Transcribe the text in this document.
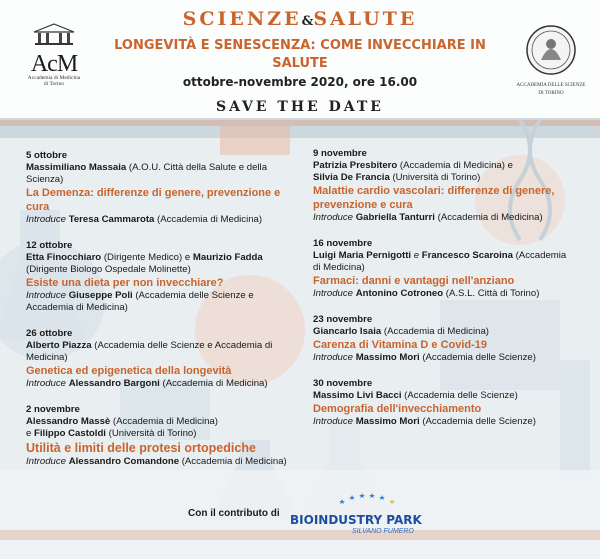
AcM
Accademia di Medicina
di Torino	ACCADEMIA DELLE SCIENZE
DI TORINO
SCIENZE&SALUTE
LONGEVITÀ E SENESCENZA: COME INVECCHIARE IN SALUTE
ottobre-novembre 2020, ore 16.00
SAVE THE DATE
5 ottobre
Massimiliano Massaia (A.O.U. Città della Salute e della Scienza)
La Demenza: differenze di genere, prevenzione e cura
Introduce Teresa Cammarota (Accademia di Medicina)
12 ottobre
Etta Finocchiaro (Dirigente Medico) e Maurizio Fadda (Dirigente Biologo Ospedale Molinette)
Esiste una dieta per non invecchiare?
Introduce Giuseppe Poli (Accademia delle Scienze e Accademia di Medicina)
26 ottobre
Alberto Piazza (Accademia delle Scienze e Accademia di Medicina)
Genetica ed epigenetica della longevità
Introduce Alessandro Bargoni (Accademia di Medicina)
2 novembre
Alessandro Massè (Accademia di Medicina)
e Filippo Castoldi (Università di Torino)
Utilità e limiti delle protesi ortopediche
Introduce Alessandro Comandone (Accademia di Medicina)
9 novembre
Patrizia Presbitero (Accademia di Medicina) e
Silvia De Francia (Università di Torino)
Malattie cardio vascolari: differenze di genere, prevenzione e cura
Introduce Gabriella Tanturri (Accademia di Medicina)
16 novembre
Luigi Maria Pernigotti e Francesco Scaroina (Accademia di Medicina)
Farmaci: danni e vantaggi nell'anziano
Introduce Antonino Cotroneo (A.S.L. Città di Torino)
23 novembre
Giancarlo Isaia (Accademia di Medicina)
Carenza di Vitamina D e Covid-19
Introduce Massimo Mori (Accademia delle Scienze)
30 novembre
Massimo Livi Bacci (Accademia delle Scienze)
Demografia dell'invecchiamento
Introduce Massimo Mori (Accademia delle Scienze)
Con il contributo di BIOINDUSTRY PARK
SILVANO FUMERO
